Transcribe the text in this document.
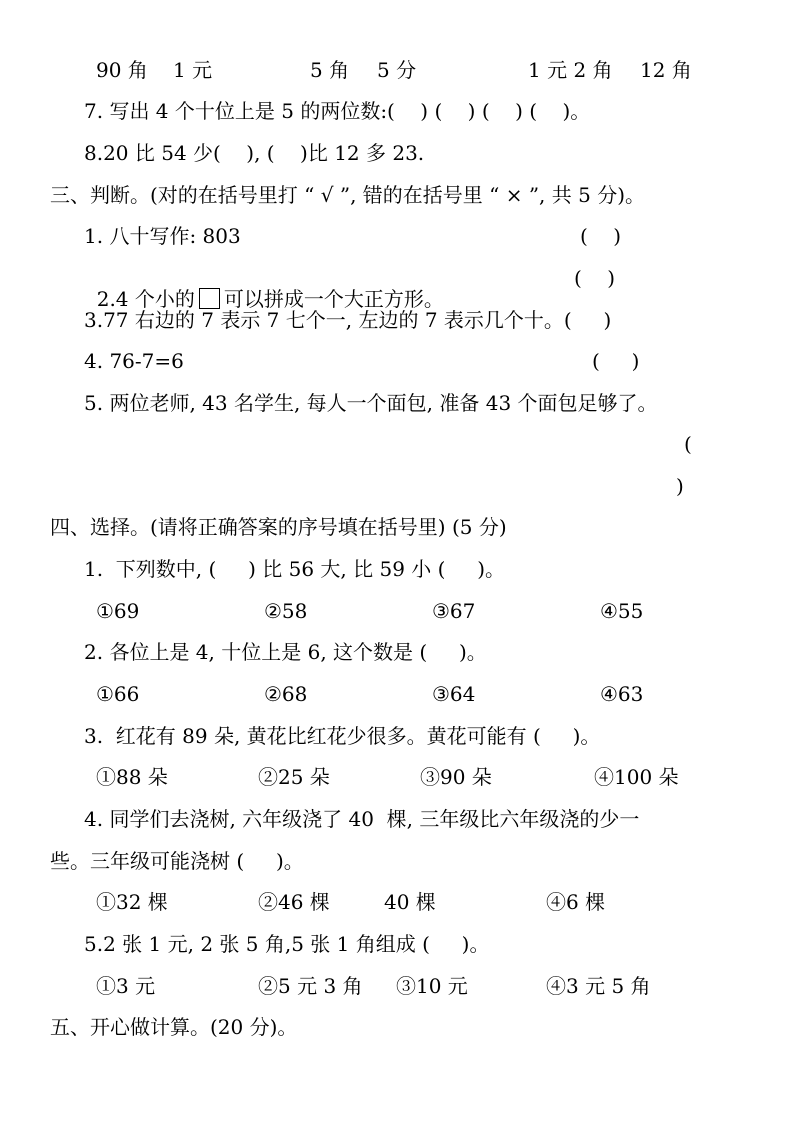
90 角 1 元	5 角 5 分	1 元 2 角 12 角
7. 写出 4 个十位上是 5 的两位数:(    ) (    ) (    ) (    )。
8.20 比 54 少(    ), (    )比 12 多 23.
三、判断。(对的在括号里打 “ √ ”, 错的在括号里 “ × ”, 共 5 分)。
1. 八十写作: 803	(    )

2.4 个小的 可以拼成一个大正方形。

(    )
3.77 右边的 7 表示 7 七个一, 左边的 7 表示几个十。(     )
4. 76-7=6	(     )
5. 两位老师, 43 名学生, 每人一个面包, 准备 43 个面包足够了。
(
)
四、选择。(请将正确答案的序号填在括号里) (5 分)
1.  下列数中, (     ) 比 56 大, 比 59 小 (     )。
①69	②58	③67	④55
2. 各位上是 4, 十位上是 6, 这个数是 (     )。
①66	②68	③64	④63
3.  红花有 89 朵, 黄花比红花少很多。黄花可能有 (     )。
①88 朵	②25 朵	③90 朵	④100 朵
4. 同学们去浇树, 六年级浇了 40  棵, 三年级比六年级浇的少一
些。三年级可能浇树 (     )。
①32 棵	②46 棵	40 棵	④6 棵
5.2 张 1 元, 2 张 5 角,5 张 1 角组成 (     )。
①3 元	②5 元 3 角 ③10 元	④3 元 5 角
五、开心做计算。(20 分)。
